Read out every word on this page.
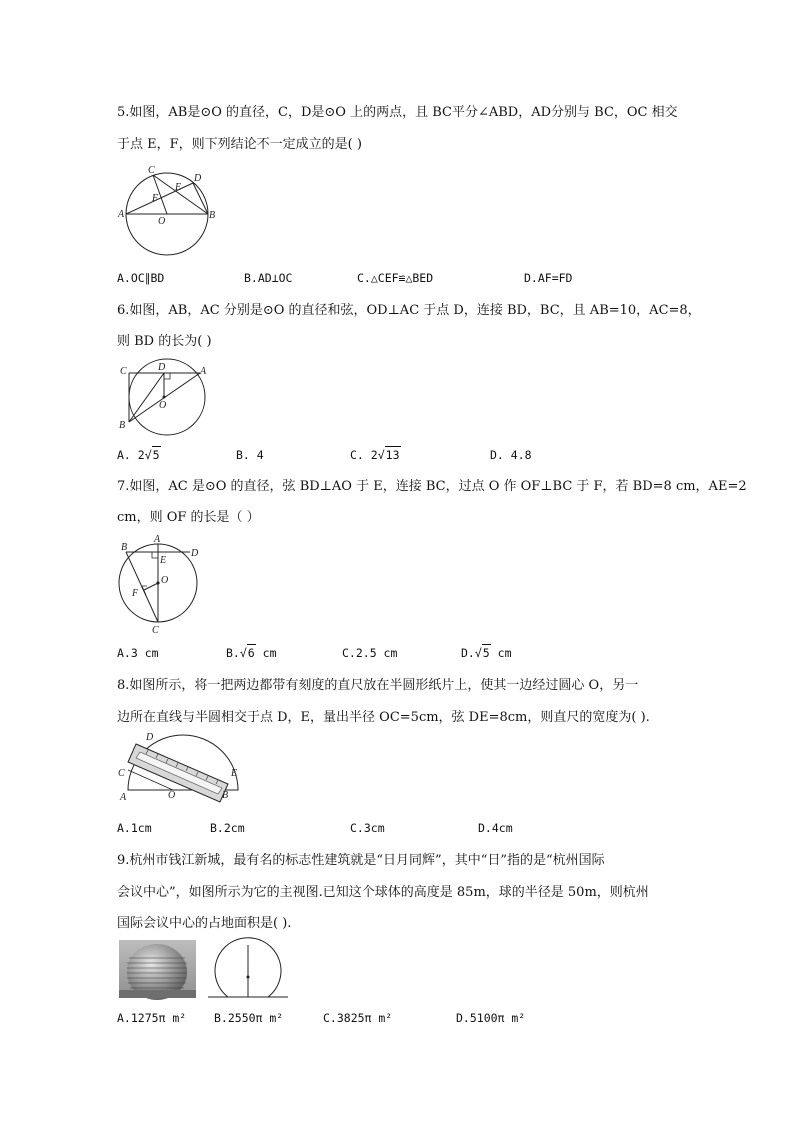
5.如图，AB是⊙O 的直径，C，D是⊙O 上的两点，且 BC平分∠ABD，AD分别与 BC，OC 相交
于点 E，F，则下列结论不一定成立的是( )
C
D
E
F
A	B
O
A.OC∥BD	B.AD⊥OC	C.△CEF≌△BED	D.AF=FD
6.如图，AB，AC 分别是⊙O 的直径和弦，OD⊥AC 于点 D，连接 BD，BC，且 AB=10，AC=8，
则 BD 的长为( )
C	D	A
O
B
A. 2√5	B. 4	C. 2√13	D. 4.8
7.如图，AC 是⊙O 的直径，弦 BD⊥AO 于 E，连接 BC，过点 O 作 OF⊥BC 于 F，若 BD=8 cm，AE=2
cm，则 OF 的长是（ ）
A
B
D
E
O
F
C
A.3 cm	B.√6 cm	C.2.5 cm	D.√5 cm
8.如图所示，将一把两边都带有刻度的直尺放在半圆形纸片上，使其一边经过圆心 O，另一
边所在直线与半圆相交于点 D，E，量出半径 OC=5cm，弦 DE=8cm，则直尺的宽度为( ).
D
C	E
A	O	B
A.1cm	B.2cm	C.3cm	D.4cm
9.杭州市钱江新城，最有名的标志性建筑就是“日月同辉”，其中“日”指的是“杭州国际
会议中心”，如图所示为它的主视图.已知这个球体的高度是 85m，球的半径是 50m，则杭州
国际会议中心的占地面积是( ).
A.1275π m² B.2550π m²	C.3825π m²	D.5100π m²
